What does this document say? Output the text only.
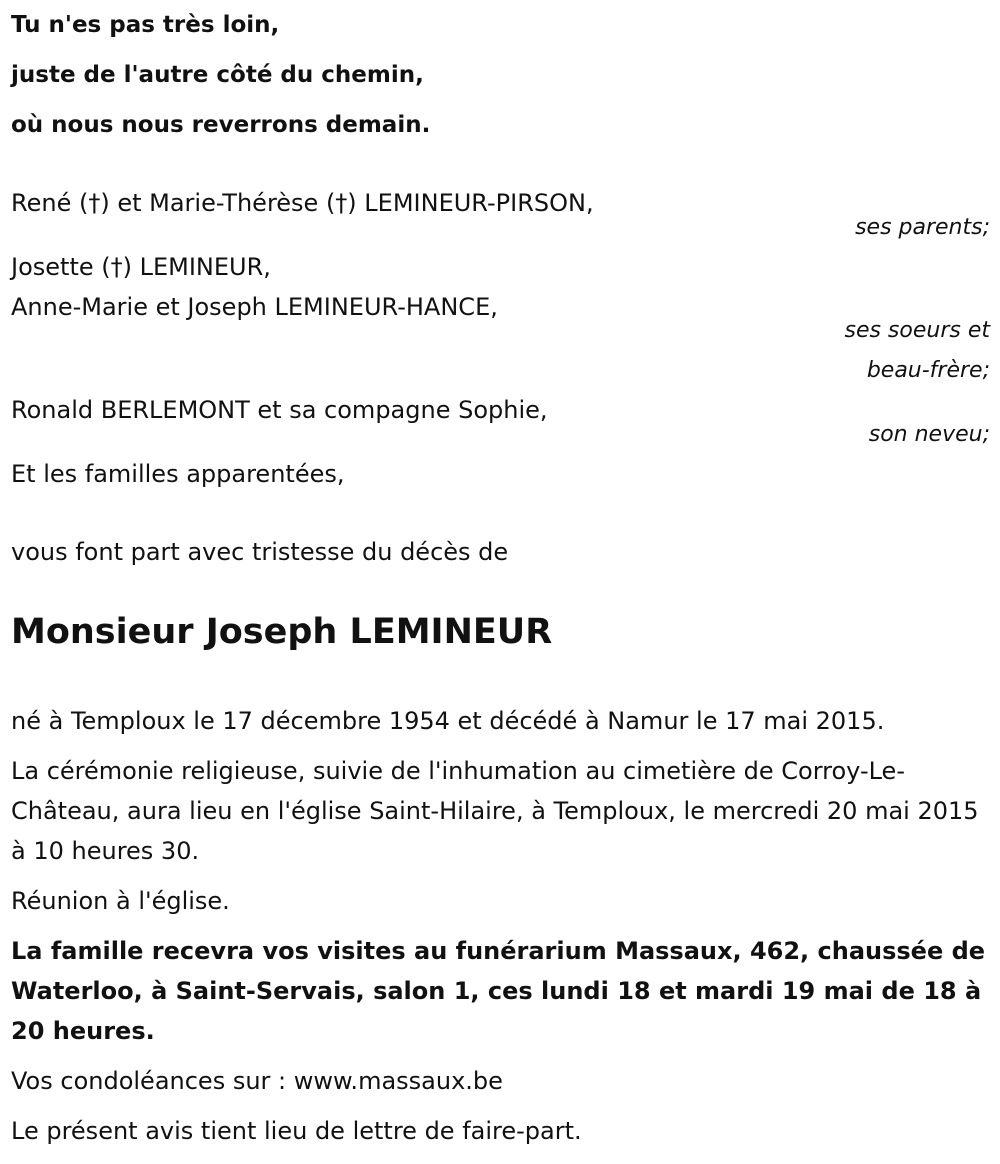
Tu n'es pas très loin,
juste de l'autre côté du chemin,
où nous nous reverrons demain.
René (†) et Marie-Thérèse (†) LEMINEUR-PIRSON,
ses parents;
Josette (†) LEMINEUR,
Anne-Marie et Joseph LEMINEUR-HANCE,
ses soeurs et
beau-frère;
Ronald BERLEMONT et sa compagne Sophie,
son neveu;
Et les familles apparentées,
vous font part avec tristesse du décès de
Monsieur Joseph LEMINEUR
né à Temploux le 17 décembre 1954 et décédé à Namur le 17 mai 2015.
La cérémonie religieuse, suivie de l'inhumation au cimetière de Corroy-Le-Château, aura lieu en l'église Saint-Hilaire, à Temploux, le mercredi 20 mai 2015 à 10 heures 30.
Réunion à l'église.
La famille recevra vos visites au funérarium Massaux, 462, chaussée de Waterloo, à Saint-Servais, salon 1, ces lundi 18 et mardi 19 mai de 18 à 20 heures.
Vos condoléances sur : www.massaux.be
Le présent avis tient lieu de lettre de faire-part.
